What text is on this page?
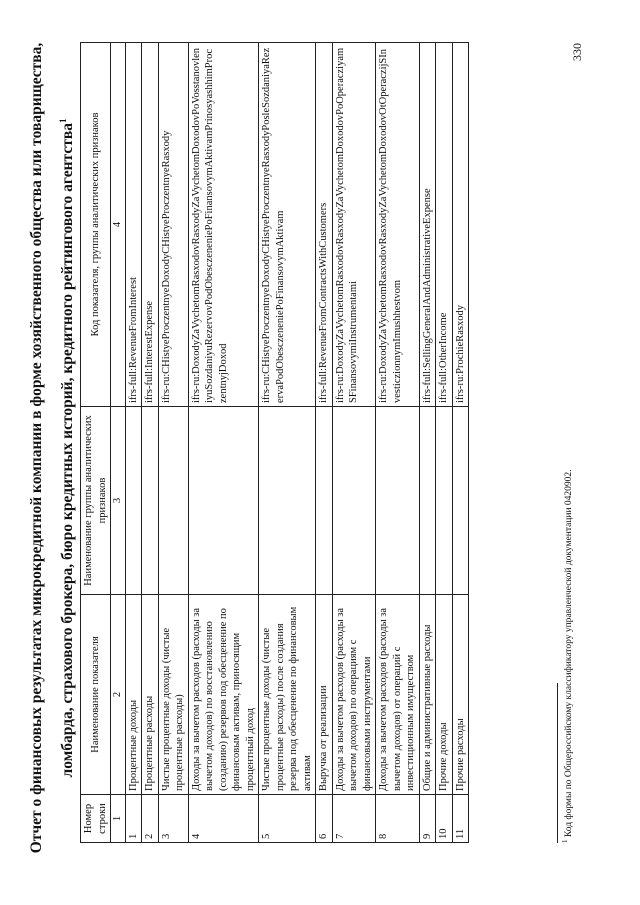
Отчет о финансовых результатах микрокредитной компании в форме хозяйственного общества или товарищества, ломбарда, страхового брокера, бюро кредитных историй, кредитного рейтингового агентства$^1$
Номер строки	Наименование показателя	Наименование группы аналитических признаков	Код показателя, группы аналитических признаков
1	2	3	4
1	Процентные доходы		ifrs-full:RevenueFromInterest
2	Процентные расходы		ifrs-full:InterestExpense
3	Чистые процентные доходы (чистые процентные расходы)		ifrs-ru:CHistyeProczentnyeDoxodyCHistyeProczentnyeRasxody
4	Доходы за вычетом расходов (расходы за вычетом доходов) по восстановлению (созданию) резервов под обесценение по финансовым активам, приносящим процентный доход		ifrs-ru:DoxodyZaVychetomRasxodovRasxodyZaVychetomDoxodovPoVosstanovleniyuSozdaniyuRezervovPodObesczeneniePoFinansovymAktivamPrinosyashhimProczentnyjDoxod
5	Чистые процентные доходы (чистые процентные расходы) после создания резерва под обесценение по финансовым активам		ifrs-ru:CHistyeProczentnyeDoxodyCHistyeProczentnyeRasxodyPosleSozdaniyaRezervaPodObesczeneniePoFinansovymAktivam
6	Выручка от реализации		ifrs-full:RevenueFromContractsWithCustomers
7	Доходы за вычетом расходов (расходы за вычетом доходов) по операциям с финансовыми инструментами		ifrs-ru:DoxodyZaVychetomRasxodovRasxodyZaVychetomDoxodovPoOperacziyamSFinansovymiInstrumentami
8	Доходы за вычетом расходов (расходы за вычетом доходов) от операций с инвестиционным имуществом		ifrs-ru:DoxodyZaVychetomRasxodovRasxodyZaVychetomDoxodovOtOperaczijSInvesticzionnymImushhestvom
9	Общие и административные расходы		ifrs-full:SellingGeneralAndAdministrativeExpense
10	Прочие доходы		ifrs-full:OtherIncome
11	Прочие расходы		ifrs-ru:ProchieRasxody
$^1$ Код формы по Общероссийскому классификатору управленческой документации 0420902.
330
